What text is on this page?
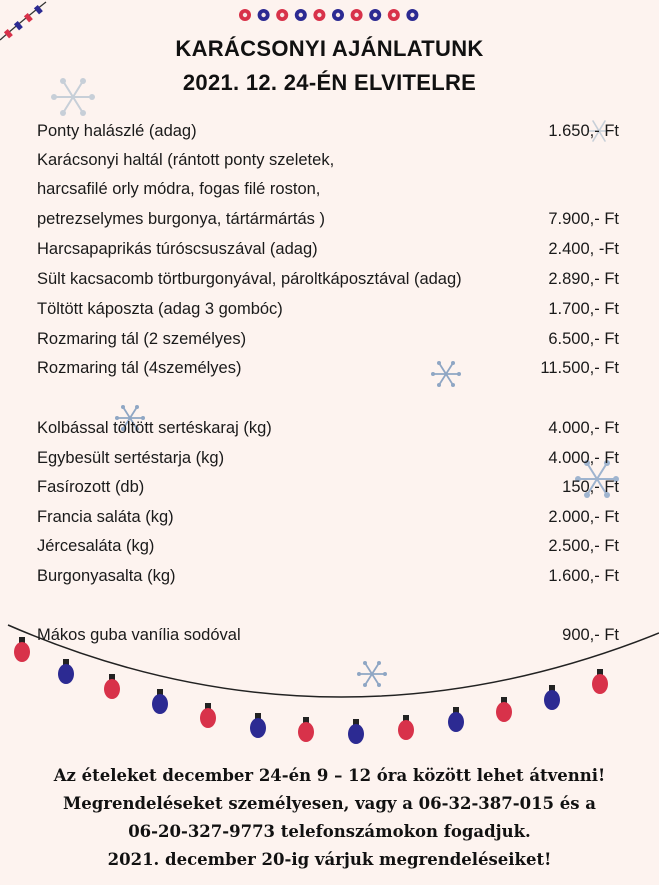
KARÁCSONYI AJÁNLATUNK
2021. 12. 24-ÉN ELVITELRE
Ponty halászlé (adag)	1.650,- Ft
Karácsonyi haltál (rántott ponty szeletek,
harcsafilé orly módra, fogas filé roston,
petrezselymes burgonya, tártármártás )	7.900,- Ft
Harcsapaprikás túróscsuszával (adag)	2.400, -Ft
Sült kacsacomb törtburgonyával, pároltkáposztával (adag)	2.890,- Ft
Töltött káposzta (adag 3 gombóc)	1.700,- Ft
Rozmaring tál (2 személyes)	6.500,- Ft
Rozmaring tál (4személyes)	11.500,- Ft
Kolbással töltött sertéskaraj (kg)	4.000,- Ft
Egybesült sertéstarja (kg)	4.000,- Ft
Fasírozott (db)	150,- Ft
Francia saláta (kg)	2.000,- Ft
Jércesaláta (kg)	2.500,- Ft
Burgonyasalta (kg)	1.600,- Ft
Mákos guba vanília sodóval	900,- Ft
Az ételeket december 24-én 9 – 12 óra között lehet átvenni!
Megrendeléseket személyesen, vagy a 06-32-387-015 és a
06-20-327-9773 telefonszámokon fogadjuk.
2021. december 20-ig várjuk megrendeléseiket!
